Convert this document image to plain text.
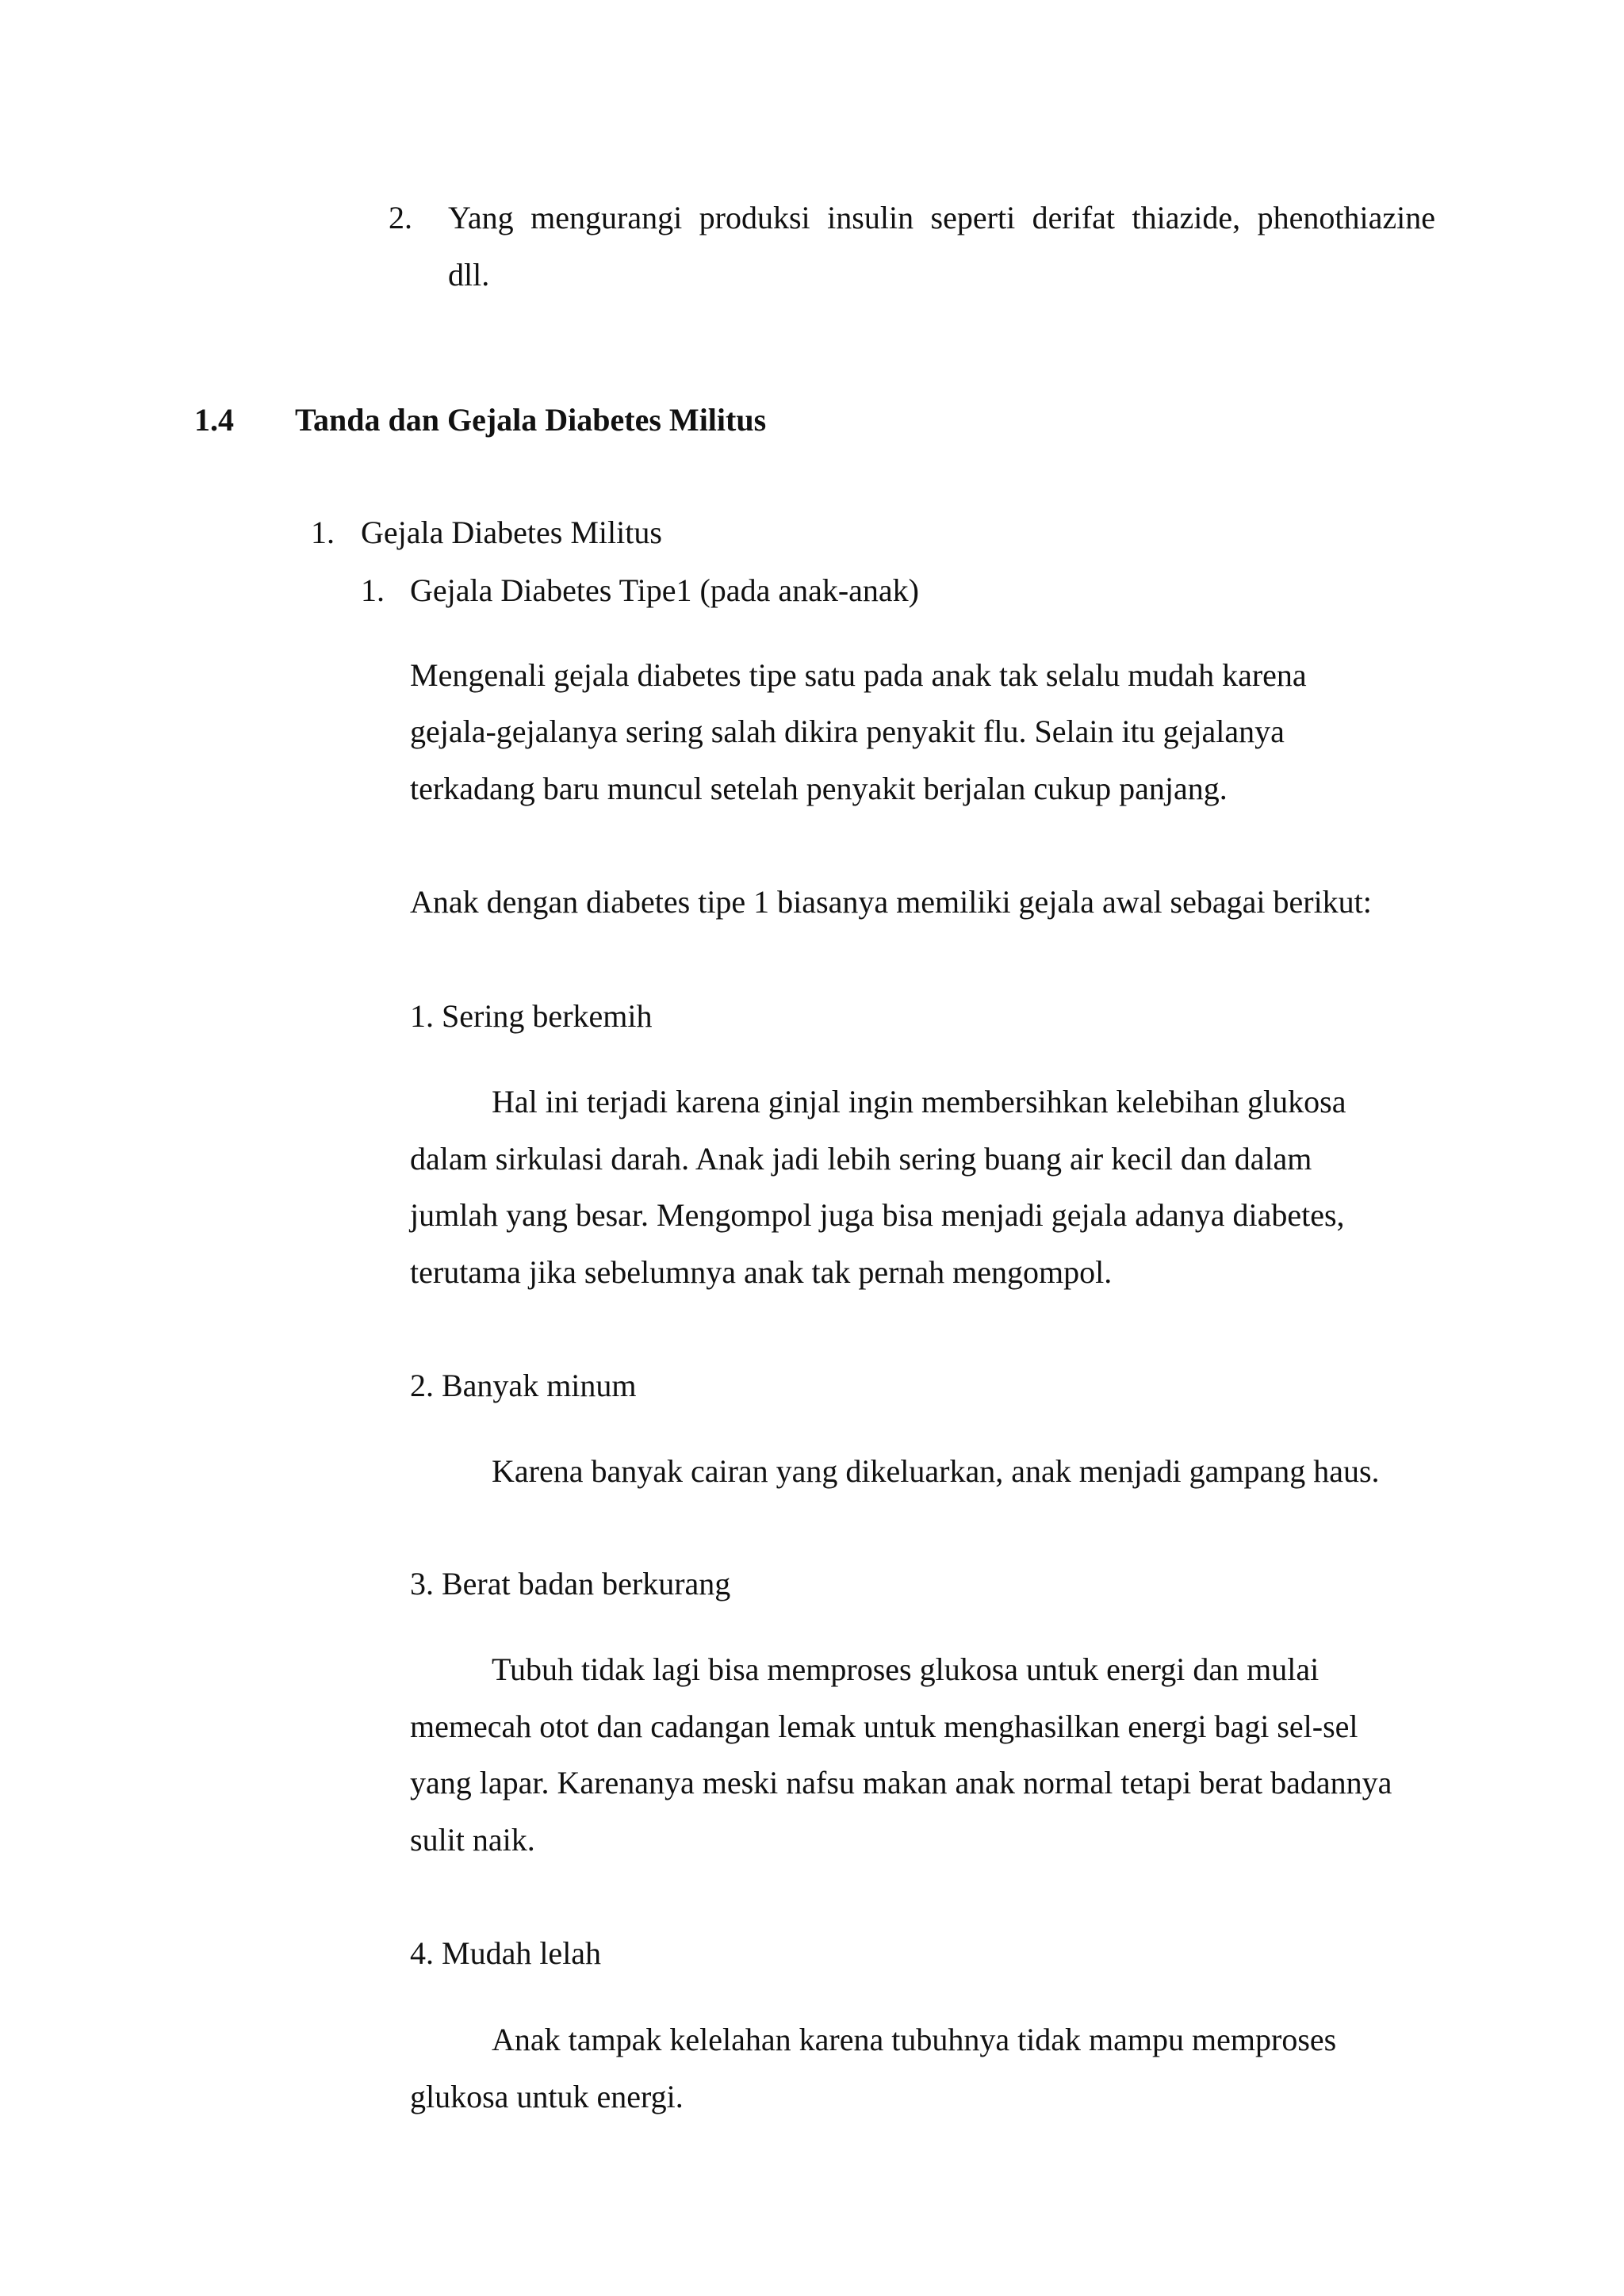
2. Yang mengurangi produksi insulin seperti derifat thiazide, phenothiazine
dll.
1.4 Tanda dan Gejala Diabetes Militus
1. Gejala Diabetes Militus
1. Gejala Diabetes Tipe1 (pada anak-anak)
Mengenali gejala diabetes tipe satu pada anak tak selalu mudah karena
gejala-gejalanya sering salah dikira penyakit flu. Selain itu gejalanya
terkadang baru muncul setelah penyakit berjalan cukup panjang.
Anak dengan diabetes tipe 1 biasanya memiliki gejala awal sebagai berikut:
1. Sering berkemih
Hal ini terjadi karena ginjal ingin membersihkan kelebihan glukosa
dalam sirkulasi darah. Anak jadi lebih sering buang air kecil dan dalam
jumlah yang besar. Mengompol juga bisa menjadi gejala adanya diabetes,
terutama jika sebelumnya anak tak pernah mengompol.
2. Banyak minum
Karena banyak cairan yang dikeluarkan, anak menjadi gampang haus.
3. Berat badan berkurang
Tubuh tidak lagi bisa memproses glukosa untuk energi dan mulai
memecah otot dan cadangan lemak untuk menghasilkan energi bagi sel-sel
yang lapar. Karenanya meski nafsu makan anak normal tetapi berat badannya
sulit naik.
4. Mudah lelah
Anak tampak kelelahan karena tubuhnya tidak mampu memproses
glukosa untuk energi.
